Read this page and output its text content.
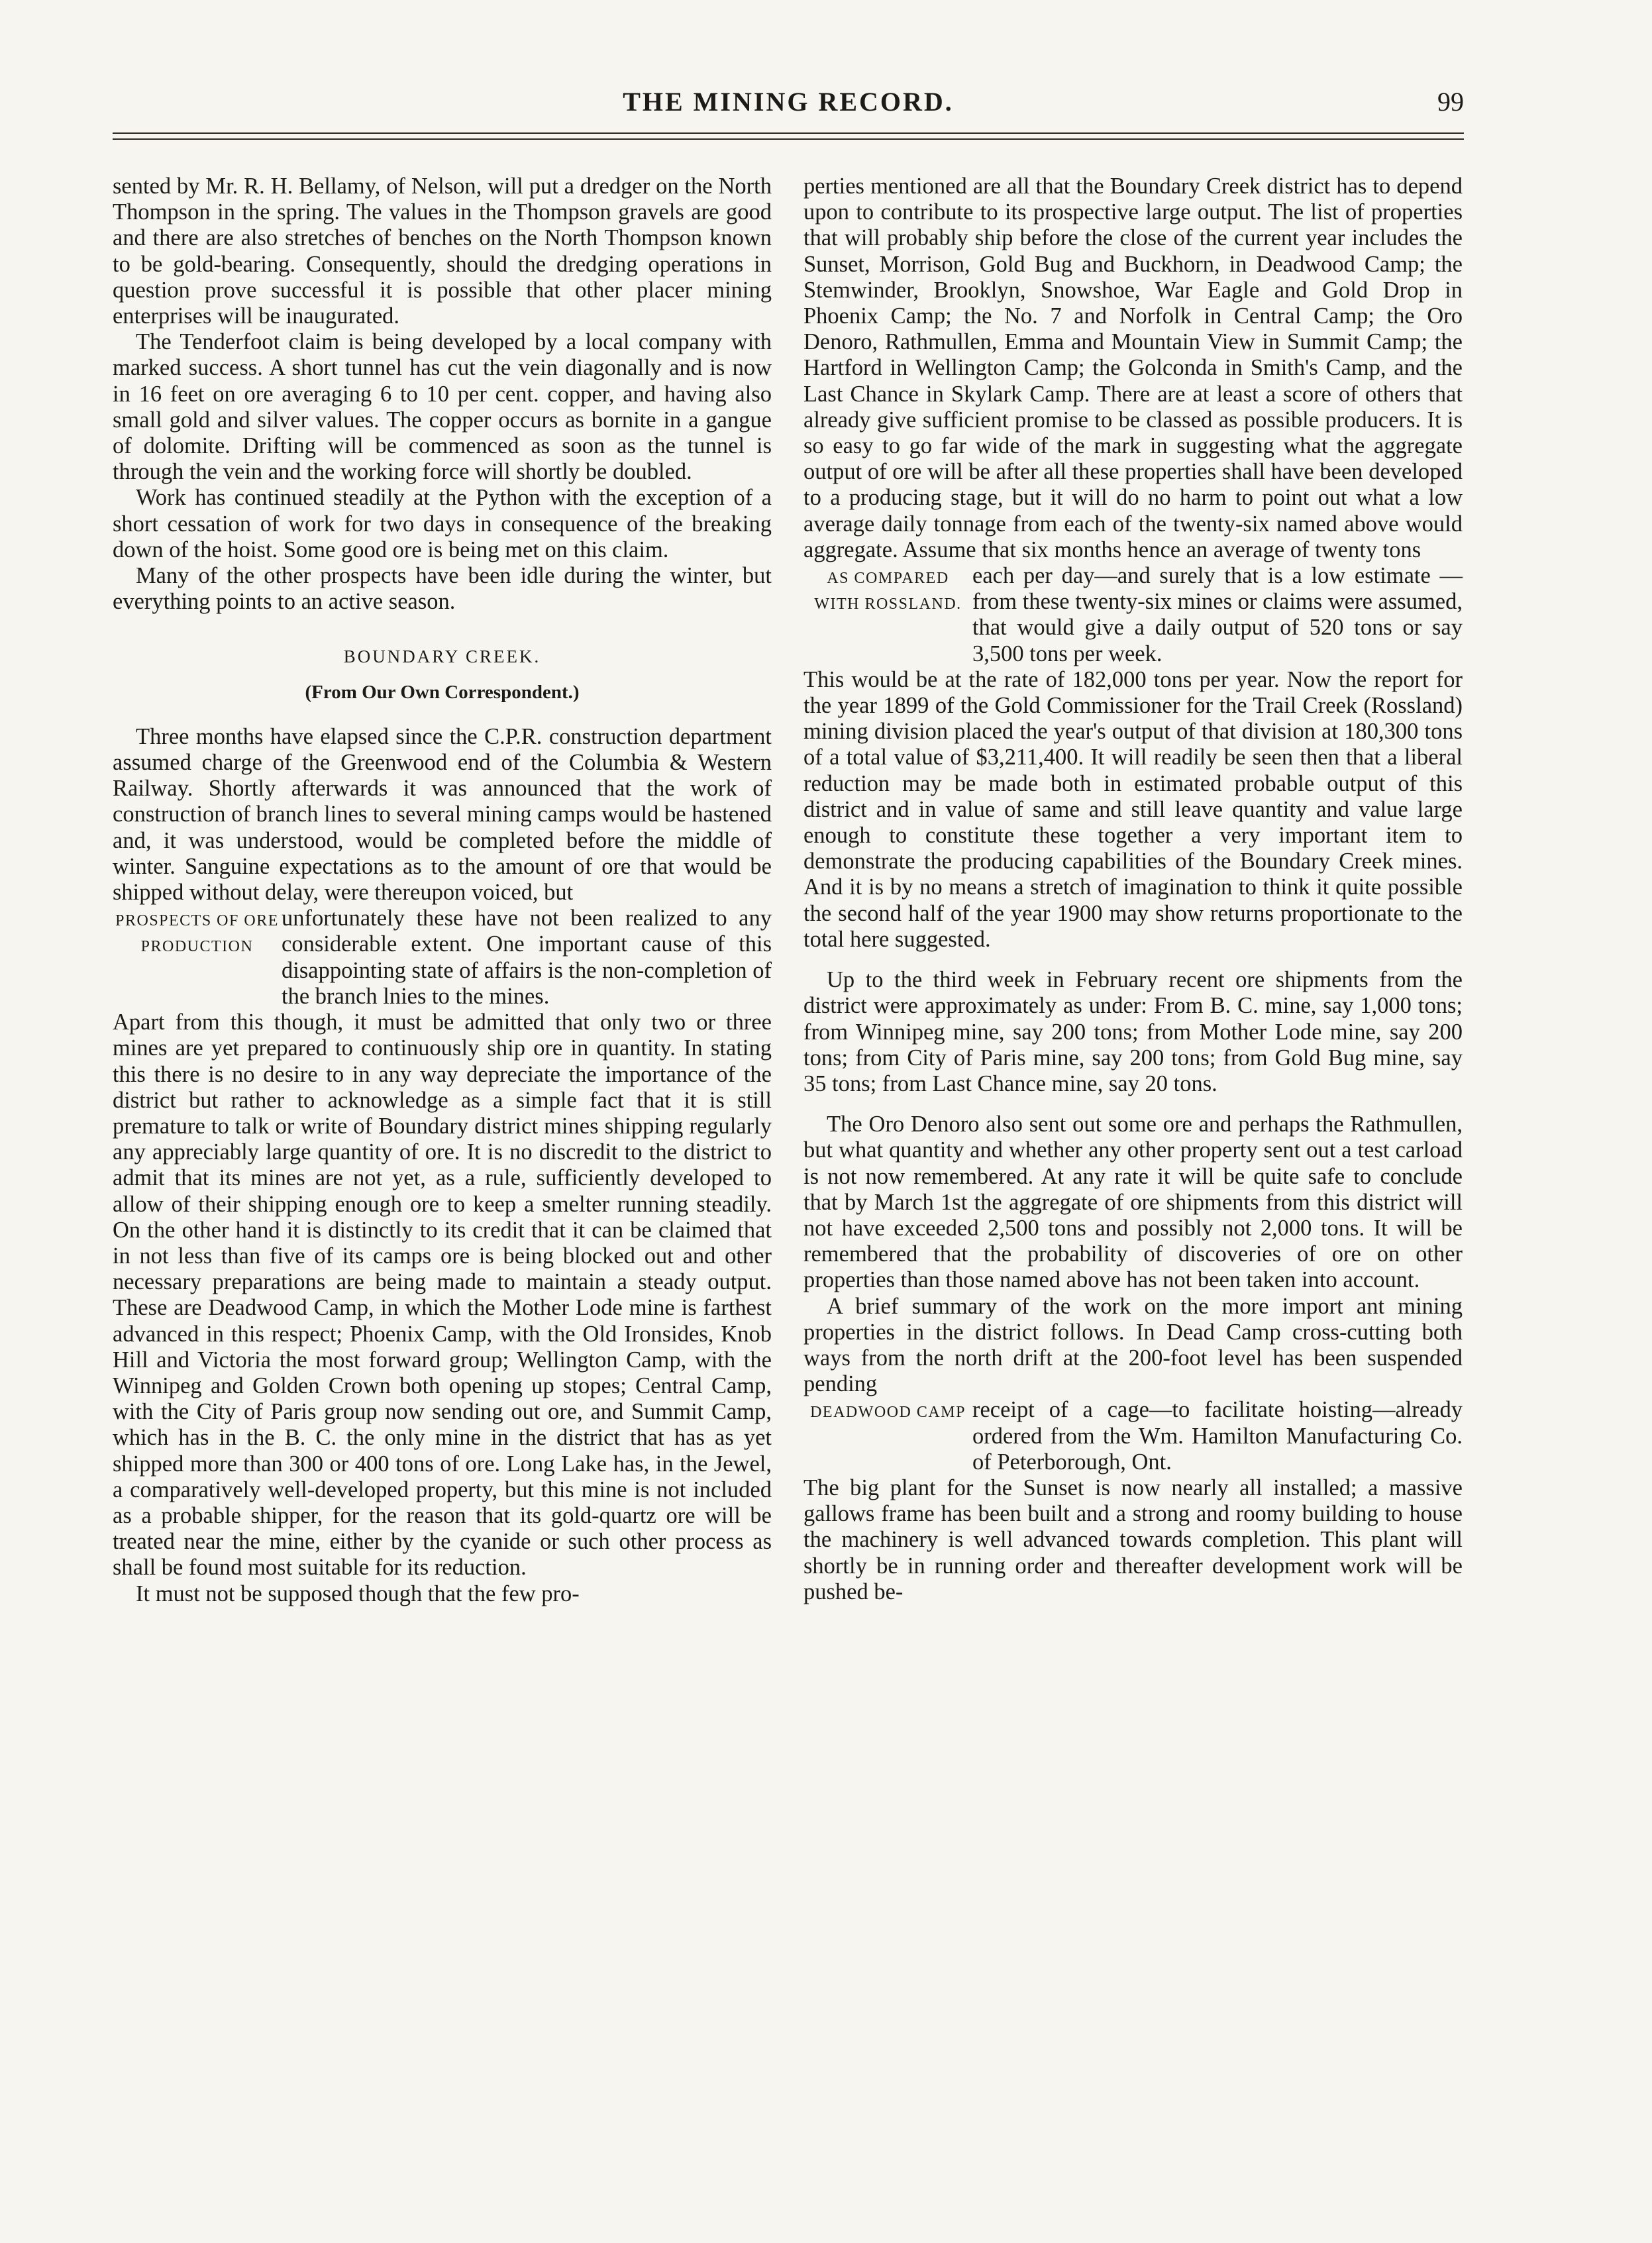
THE MINING RECORD.	99

sented by Mr. R. H. Bellamy, of Nelson, will put a dredger on the North Thompson in the spring. The values in the Thompson gravels are good and there are also stretches of benches on the North Thompson known to be gold-bearing. Consequently, should the dredging operations in question prove successful it is possible that other placer mining enterprises will be inaugurated.

The Tenderfoot claim is being developed by a local company with marked success. A short tunnel has cut the vein diagonally and is now in 16 feet on ore averaging 6 to 10 per cent. copper, and having also small gold and silver values. The copper occurs as bornite in a gangue of dolomite. Drifting will be commenced as soon as the tunnel is through the vein and the working force will shortly be doubled.

Work has continued steadily at the Python with the exception of a short cessation of work for two days in consequence of the breaking down of the hoist. Some good ore is being met on this claim.

Many of the other prospects have been idle during the winter, but everything points to an active season.

BOUNDARY CREEK.
(From Our Own Correspondent.)

Three months have elapsed since the C.P.R. construction department assumed charge of the Greenwood end of the Columbia & Western Railway. Shortly afterwards it was announced that the work of construction of branch lines to several mining camps would be hastened and, it was understood, would be completed before the middle of winter. Sanguine expectations as to the amount of ore that would be shipped without delay, were thereupon voiced, but

PROSPECTS OF ORE PRODUCTION
unfortunately these have not been realized to any considerable extent. One important cause of this disappointing state of affairs is the non-completion of the branch lnies to the mines.

Apart from this though, it must be admitted that only two or three mines are yet prepared to continuously ship ore in quantity. In stating this there is no desire to in any way depreciate the importance of the district but rather to acknowledge as a simple fact that it is still premature to talk or write of Boundary district mines shipping regularly any appreciably large quantity of ore. It is no discredit to the district to admit that its mines are not yet, as a rule, sufficiently developed to allow of their shipping enough ore to keep a smelter running steadily. On the other hand it is distinctly to its credit that it can be claimed that in not less than five of its camps ore is being blocked out and other necessary preparations are being made to maintain a steady output. These are Deadwood Camp, in which the Mother Lode mine is farthest advanced in this respect; Phoenix Camp, with the Old Ironsides, Knob Hill and Victoria the most forward group; Wellington Camp, with the Winnipeg and Golden Crown both opening up stopes; Central Camp, with the City of Paris group now sending out ore, and Summit Camp, which has in the B. C. the only mine in the district that has as yet shipped more than 300 or 400 tons of ore. Long Lake has, in the Jewel, a comparatively well-developed property, but this mine is not included as a probable shipper, for the reason that its gold-quartz ore will be treated near the mine, either by the cyanide or such other process as shall be found most suitable for its reduction.

It must not be supposed though that the few pro-

perties mentioned are all that the Boundary Creek district has to depend upon to contribute to its prospective large output. The list of properties that will probably ship before the close of the current year includes the Sunset, Morrison, Gold Bug and Buckhorn, in Deadwood Camp; the Stemwinder, Brooklyn, Snowshoe, War Eagle and Gold Drop in Phoenix Camp; the No. 7 and Norfolk in Central Camp; the Oro Denoro, Rathmullen, Emma and Mountain View in Summit Camp; the Hartford in Wellington Camp; the Golconda in Smith's Camp, and the Last Chance in Skylark Camp. There are at least a score of others that already give sufficient promise to be classed as possible producers. It is so easy to go far wide of the mark in suggesting what the aggregate output of ore will be after all these properties shall have been developed to a producing stage, but it will do no harm to point out what a low average daily tonnage from each of the twenty-six named above would aggregate. Assume that six months hence an average of twenty tons

AS COMPARED WITH ROSSLAND.
each per day—and surely that is a low estimate — from these twenty-six mines or claims were assumed, that would give a daily output of 520 tons or say 3,500 tons per week.

This would be at the rate of 182,000 tons per year. Now the report for the year 1899 of the Gold Commissioner for the Trail Creek (Rossland) mining division placed the year's output of that division at 180,300 tons of a total value of $3,211,400. It will readily be seen then that a liberal reduction may be made both in estimated probable output of this district and in value of same and still leave quantity and value large enough to constitute these together a very important item to demonstrate the producing capabilities of the Boundary Creek mines. And it is by no means a stretch of imagination to think it quite possible the second half of the year 1900 may show returns proportionate to the total here suggested.

Up to the third week in February recent ore shipments from the district were approximately as under: From B. C. mine, say 1,000 tons; from Winnipeg mine, say 200 tons; from Mother Lode mine, say 200 tons; from City of Paris mine, say 200 tons; from Gold Bug mine, say 35 tons; from Last Chance mine, say 20 tons.

The Oro Denoro also sent out some ore and perhaps the Rathmullen, but what quantity and whether any other property sent out a test carload is not now remembered. At any rate it will be quite safe to conclude that by March 1st the aggregate of ore shipments from this district will not have exceeded 2,500 tons and possibly not 2,000 tons. It will be remembered that the probability of discoveries of ore on other properties than those named above has not been taken into account.

A brief summary of the work on the more import ant mining properties in the district follows. In Dead Camp cross-cutting both ways from the north drift at the 200-foot level has been suspended pending

DEADWOOD CAMP receipt of a cage—to facilitate hoisting—already ordered from the Wm. Hamilton Manufacturing Co. of Peterborough, Ont.

The big plant for the Sunset is now nearly all installed; a massive gallows frame has been built and a strong and roomy building to house the machinery is well advanced towards completion. This plant will shortly be in running order and thereafter development work will be pushed be-
